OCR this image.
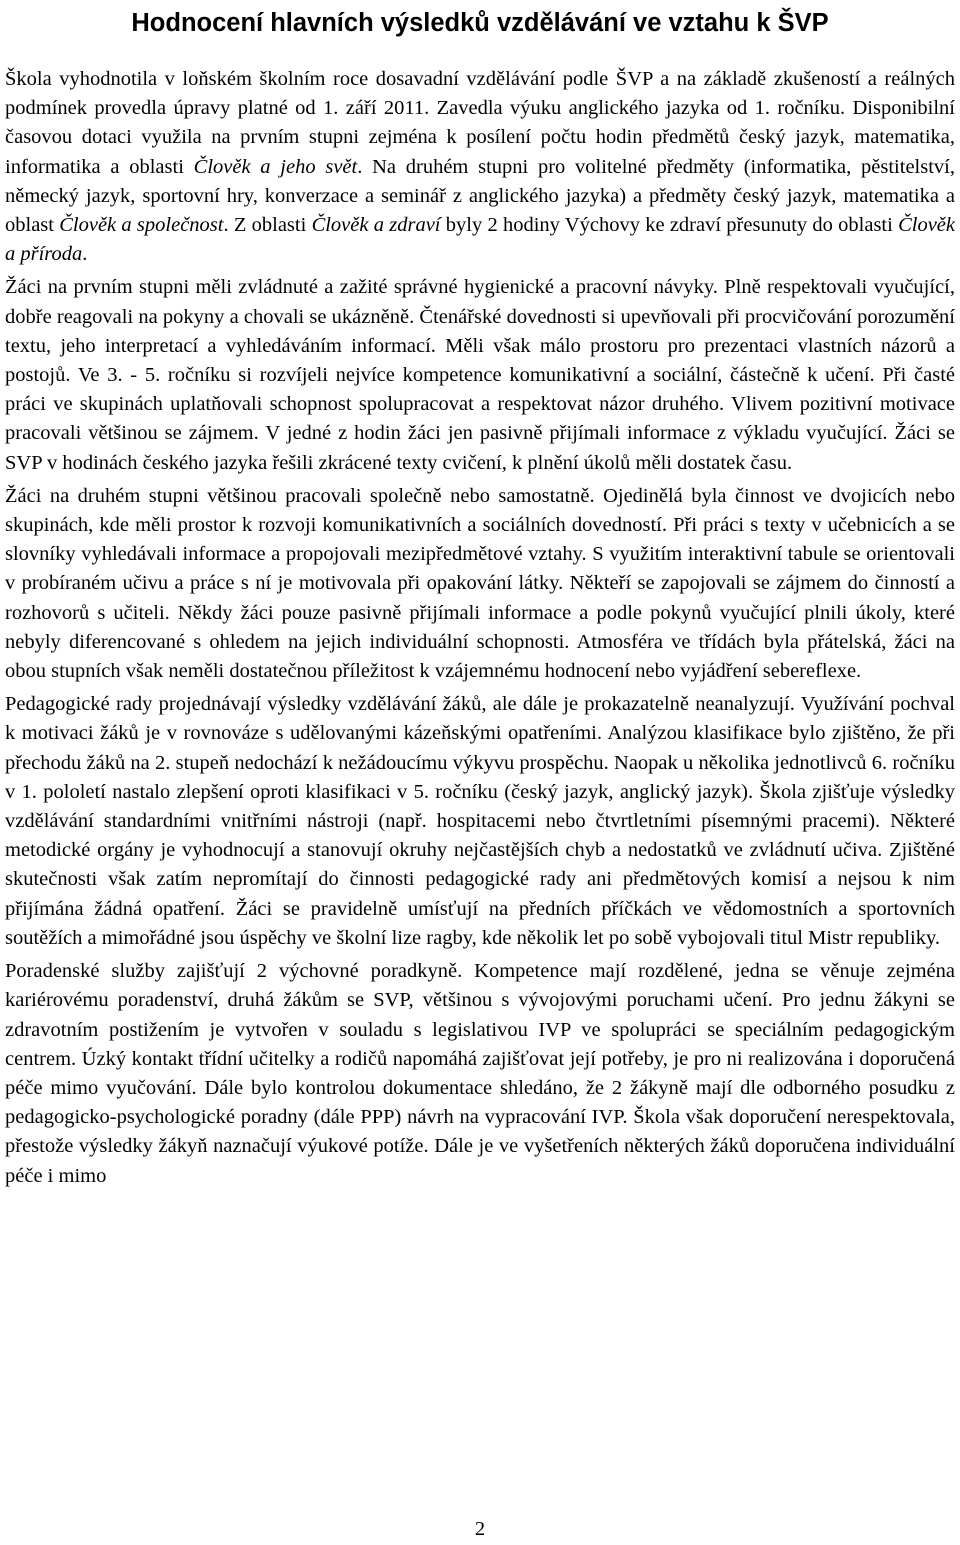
Hodnocení hlavních výsledků vzdělávání ve vztahu k ŠVP

Škola vyhodnotila v loňském školním roce dosavadní vzdělávání podle ŠVP a na základě zkušeností a reálných podmínek provedla úpravy platné od 1. září 2011. Zavedla výuku anglického jazyka od 1. ročníku. Disponibilní časovou dotaci využila na prvním stupni zejména k posílení počtu hodin předmětů český jazyk, matematika, informatika a oblasti Člověk a jeho svět. Na druhém stupni pro volitelné předměty (informatika, pěstitelství, německý jazyk, sportovní hry, konverzace a seminář z anglického jazyka) a předměty český jazyk, matematika a oblast Člověk a společnost. Z oblasti Člověk a zdraví byly 2 hodiny Výchovy ke zdraví přesunuty do oblasti Člověk a příroda.

Žáci na prvním stupni měli zvládnuté a zažité správné hygienické a pracovní návyky. Plně respektovali vyučující, dobře reagovali na pokyny a chovali se ukázněně. Čtenářské dovednosti si upevňovali při procvičování porozumění textu, jeho interpretací a vyhledáváním informací. Měli však málo prostoru pro prezentaci vlastních názorů a postojů. Ve 3. - 5. ročníku si rozvíjeli nejvíce kompetence komunikativní a sociální, částečně k učení. Při časté práci ve skupinách uplatňovali schopnost spolupracovat a respektovat názor druhého. Vlivem pozitivní motivace pracovali většinou se zájmem. V jedné z hodin žáci jen pasivně přijímali informace z výkladu vyučující. Žáci se SVP v hodinách českého jazyka řešili zkrácené texty cvičení, k plnění úkolů měli dostatek času.

Žáci na druhém stupni většinou pracovali společně nebo samostatně. Ojedinělá byla činnost ve dvojicích nebo skupinách, kde měli prostor k rozvoji komunikativních a sociálních dovedností. Při práci s texty v učebnicích a se slovníky vyhledávali informace a propojovali mezipředmětové vztahy. S využitím interaktivní tabule se orientovali v probíraném učivu a práce s ní je motivovala při opakování látky. Někteří se zapojovali se zájmem do činností a rozhovorů s učiteli. Někdy žáci pouze pasivně přijímali informace a podle pokynů vyučující plnili úkoly, které nebyly diferencované s ohledem na jejich individuální schopnosti. Atmosféra ve třídách byla přátelská, žáci na obou stupních však neměli dostatečnou příležitost k vzájemnému hodnocení nebo vyjádření sebereflexe.

Pedagogické rady projednávají výsledky vzdělávání žáků, ale dále je prokazatelně neanalyzují. Využívání pochval k motivaci žáků je v rovnováze s udělovanými kázeňskými opatřeními. Analýzou klasifikace bylo zjištěno, že při přechodu žáků na 2. stupeň nedochází k nežádoucímu výkyvu prospěchu. Naopak u několika jednotlivců 6. ročníku v 1. pololetí nastalo zlepšení oproti klasifikaci v 5. ročníku (český jazyk, anglický jazyk). Škola zjišťuje výsledky vzdělávání standardními vnitřními nástroji (např. hospitacemi nebo čtvrtletními písemnými pracemi). Některé metodické orgány je vyhodnocují a stanovují okruhy nejčastějších chyb a nedostatků ve zvládnutí učiva. Zjištěné skutečnosti však zatím nepromítají do činnosti pedagogické rady ani předmětových komisí a nejsou k nim přijímána žádná opatření. Žáci se pravidelně umísťují na předních příčkách ve vědomostních a sportovních soutěžích a mimořádné jsou úspěchy ve školní lize ragby, kde několik let po sobě vybojovali titul Mistr republiky.

Poradenské služby zajišťují 2 výchovné poradkyně. Kompetence mají rozdělené, jedna se věnuje zejména kariérovému poradenství, druhá žákům se SVP, většinou s vývojovými poruchami učení. Pro jednu žákyni se zdravotním postižením je vytvořen v souladu s legislativou IVP ve spolupráci se speciálním pedagogickým centrem. Úzký kontakt třídní učitelky a rodičů napomáhá zajišťovat její potřeby, je pro ni realizována i doporučená péče mimo vyučování. Dále bylo kontrolou dokumentace shledáno, že 2 žákyně mají dle odborného posudku z pedagogicko-psychologické poradny (dále PPP) návrh na vypracování IVP. Škola však doporučení nerespektovala, přestože výsledky žákyň naznačují výukové potíže. Dále je ve vyšetřeních některých žáků doporučena individuální péče i mimo

2
